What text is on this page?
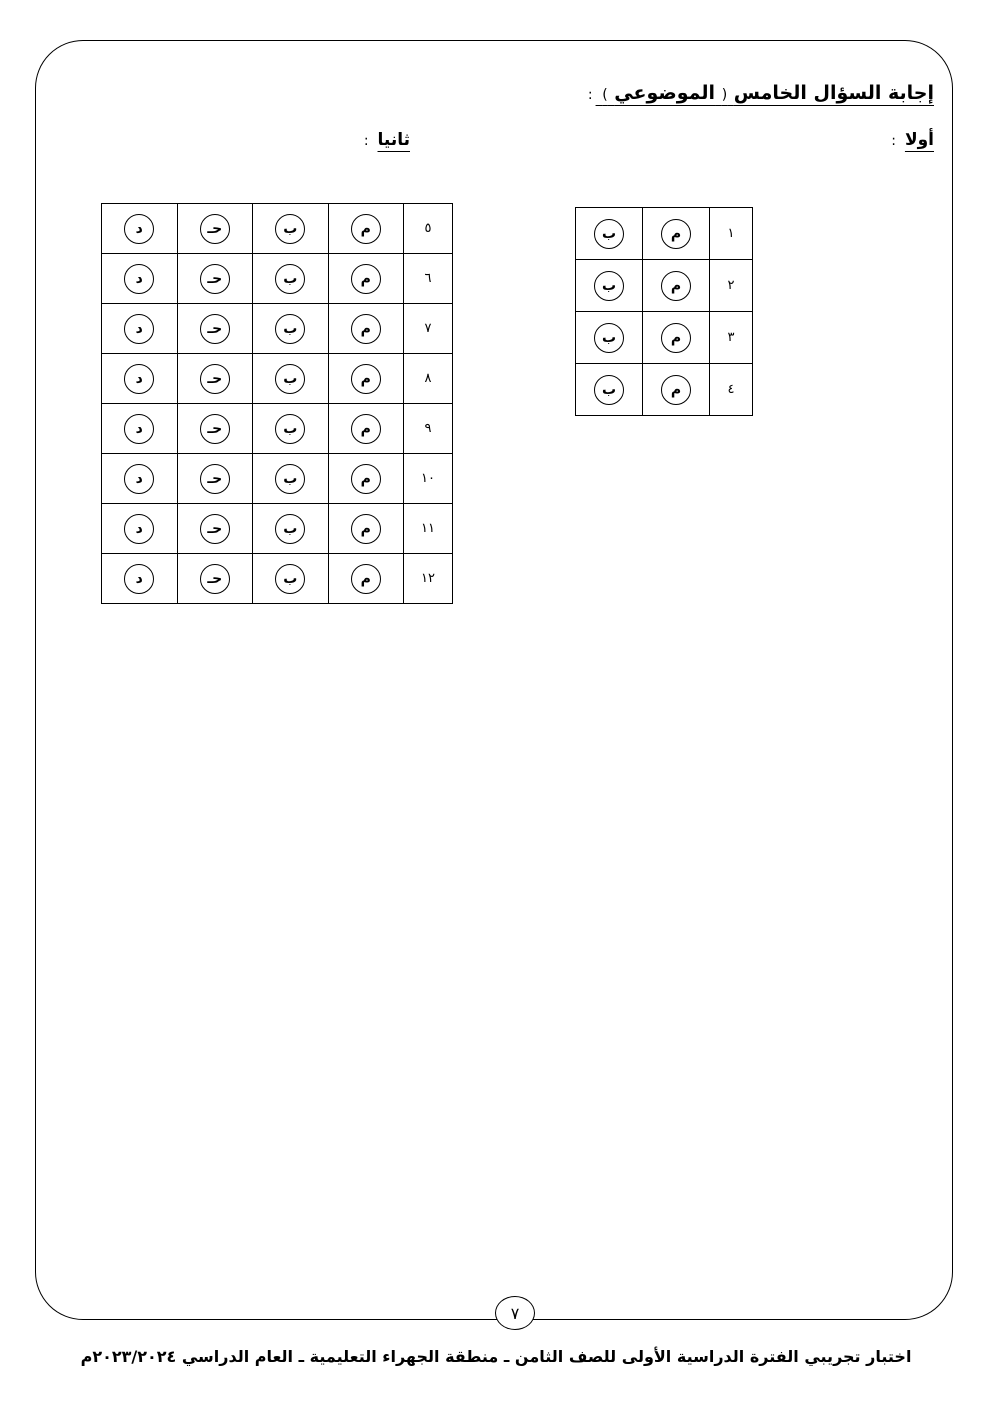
إجابة السؤال الخامس ( الموضوعي ) :
أولا :
ثانيا :
١	م	ب
٢	م	ب
٣	م	ب
٤	م	ب
٥	م	ب	حـ	د
٦	م	ب	حـ	د
٧	م	ب	حـ	د
٨	م	ب	حـ	د
٩	م	ب	حـ	د
١٠	م	ب	حـ	د
١١	م	ب	حـ	د
١٢	م	ب	حـ	د
٧
اختبار تجريبي الفترة الدراسية الأولى للصف الثامن ـ منطقة الجهراء التعليمية ـ العام الدراسي ٢٠٢٣/٢٠٢٤م
